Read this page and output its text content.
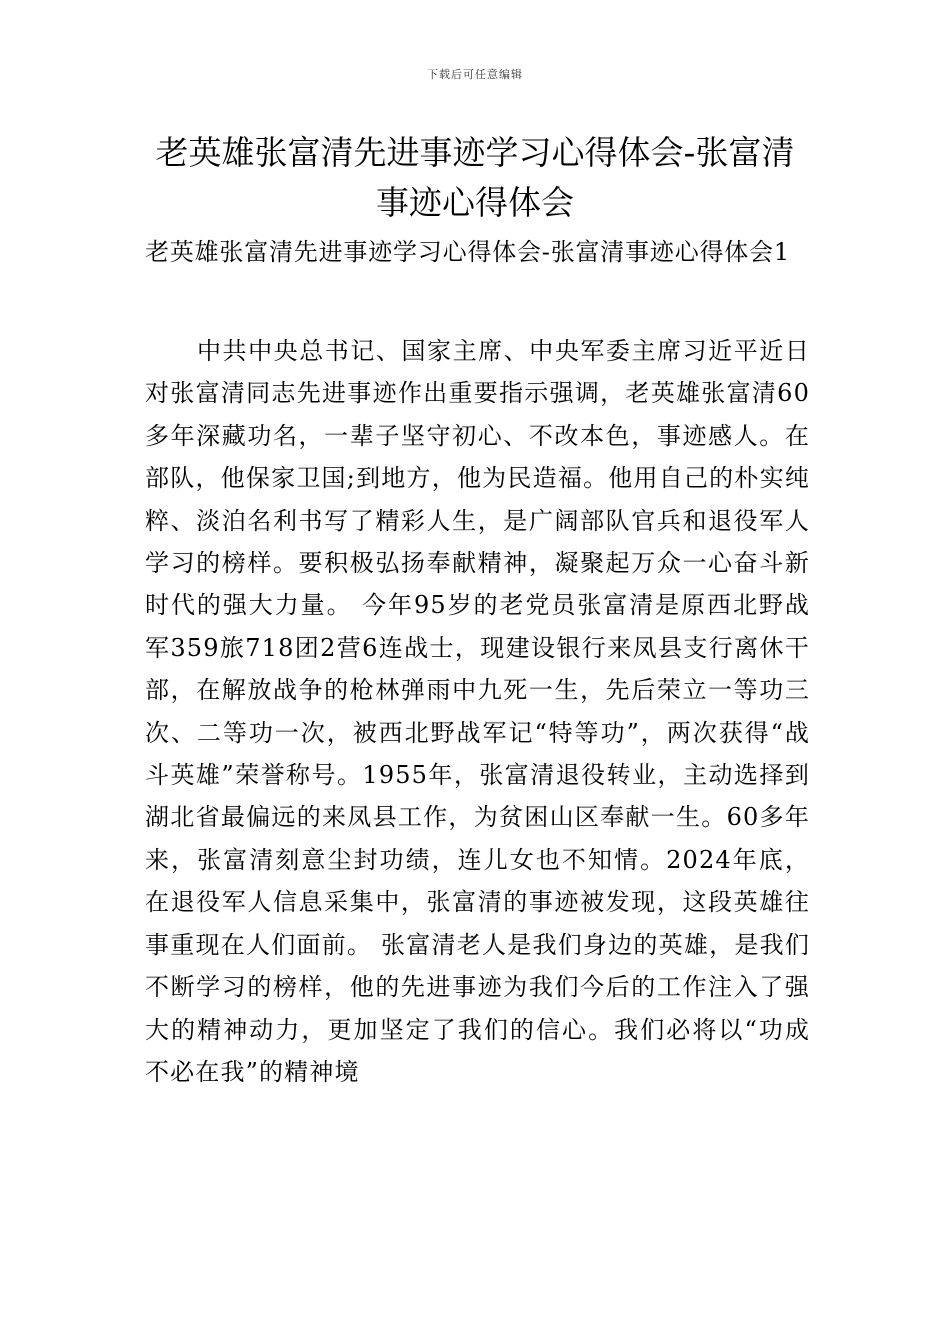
下载后可任意编辑
老英雄张富清先进事迹学习心得体会-张富清事迹心得体会
老英雄张富清先进事迹学习心得体会-张富清事迹心得体会1

中共中央总书记、国家主席、中央军委主席习近平近日对张富清同志先进事迹作出重要指示强调，老英雄张富清60多年深藏功名，一辈子坚守初心、不改本色，事迹感人。在部队，他保家卫国;到地方，他为民造福。他用自己的朴实纯粹、淡泊名利书写了精彩人生，是广阔部队官兵和退役军人学习的榜样。要积极弘扬奉献精神，凝聚起万众一心奋斗新时代的强大力量。 今年95岁的老党员张富清是原西北野战军359旅718团2营6连战士，现建设银行来凤县支行离休干部，在解放战争的枪林弹雨中九死一生，先后荣立一等功三次、二等功一次，被西北野战军记“特等功”，两次获得“战斗英雄”荣誉称号。1955年，张富清退役转业，主动选择到湖北省最偏远的来凤县工作，为贫困山区奉献一生。60多年来，张富清刻意尘封功绩，连儿女也不知情。2024年底，在退役军人信息采集中，张富清的事迹被发现，这段英雄往事重现在人们面前。 张富清老人是我们身边的英雄，是我们不断学习的榜样，他的先进事迹为我们今后的工作注入了强大的精神动力，更加坚定了我们的信心。我们必将以“功成不必在我”的精神境
